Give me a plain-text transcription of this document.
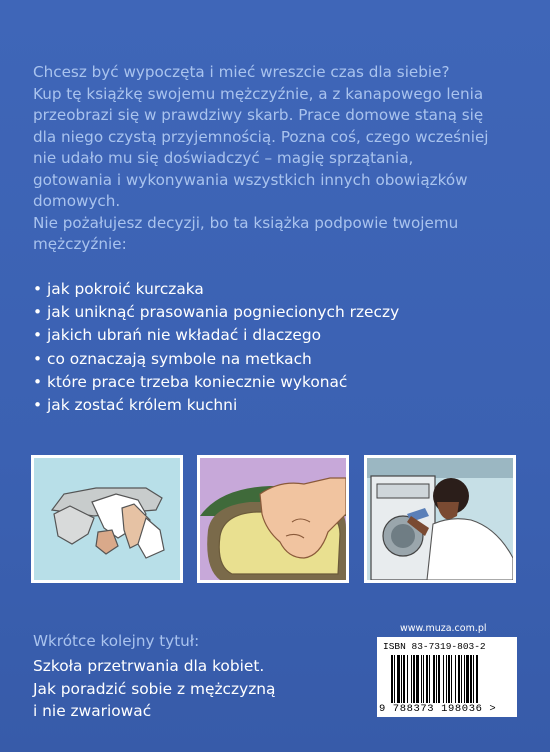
Chcesz być wypoczęta i mieć wreszcie czas dla siebie?

Kup tę książkę swojemu mężczyźnie, a z kanapowego lenia

przeobrazi się w prawdziwy skarb. Prace domowe staną się

dla niego czystą przyjemnością. Pozna coś, czego wcześniej

nie udało mu się doświadczyć – magię sprzątania,

gotowania i wykonywania wszystkich innych obowiązków

domowych.

Nie pożałujesz decyzji, bo ta książka podpowie twojemu

mężczyźnie:

• jak pokroić kurczaka
• jak uniknąć prasowania pogniecionych rzeczy
• jakich ubrań nie wkładać i dlaczego
• co oznaczają symbole na metkach
• które prace trzeba koniecznie wykonać
• jak zostać królem kuchni
Wkrótce kolejny tytuł:
Szkoła przetrwania dla kobiet.
Jak poradzić sobie z mężczyzną
i nie zwariować
www.muza.com.pl
ISBN 83-7319-803-2
9 788373 198036 >
